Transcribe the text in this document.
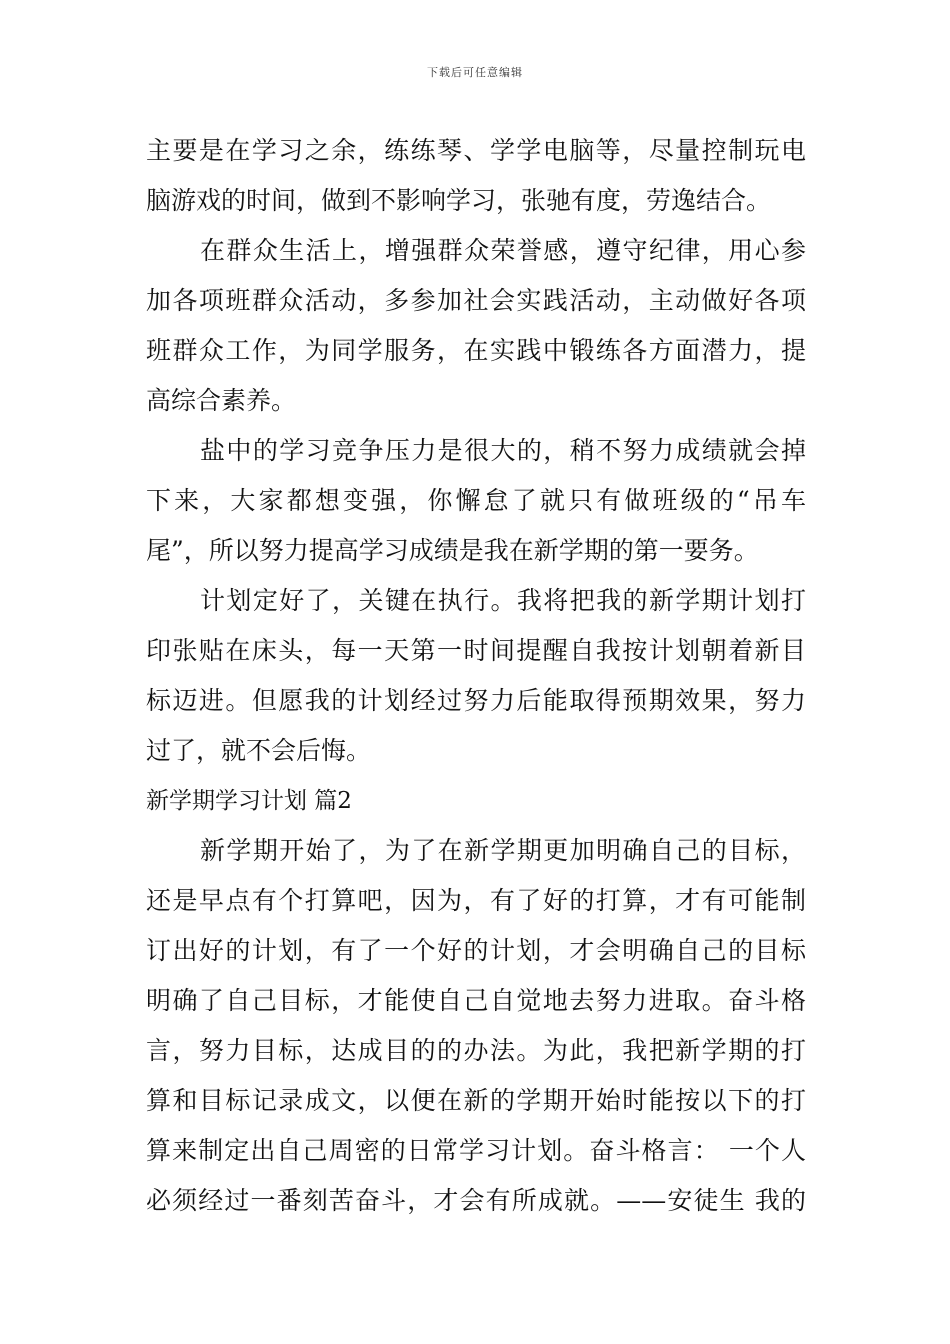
下载后可任意编辑
主要是在学习之余，练练琴、学学电脑等，尽量控制玩电
脑游戏的时间，做到不影响学习，张驰有度，劳逸结合。
在群众生活上，增强群众荣誉感，遵守纪律，用心参
加各项班群众活动，多参加社会实践活动，主动做好各项
班群众工作，为同学服务，在实践中锻练各方面潜力，提
高综合素养。
盐中的学习竞争压力是很大的，稍不努力成绩就会掉
下来，大家都想变强，你懈怠了就只有做班级的“吊车
尾”，所以努力提高学习成绩是我在新学期的第一要务。
计划定好了，关键在执行。我将把我的新学期计划打
印张贴在床头，每一天第一时间提醒自我按计划朝着新目
标迈进。但愿我的计划经过努力后能取得预期效果，努力
过了，就不会后悔。
新学期学习计划 篇2
新学期开始了，为了在新学期更加明确自己的目标，
还是早点有个打算吧，因为，有了好的打算，才有可能制
订出好的计划，有了一个好的计划，才会明确自己的目标
明确了自己目标，才能使自己自觉地去努力进取。奋斗格
言，努力目标，达成目的的办法。为此，我把新学期的打
算和目标记录成文，以便在新的学期开始时能按以下的打
算来制定出自己周密的日常学习计划。奋斗格言： 一个人
必须经过一番刻苦奋斗，才会有所成就。——安徒生 我的
